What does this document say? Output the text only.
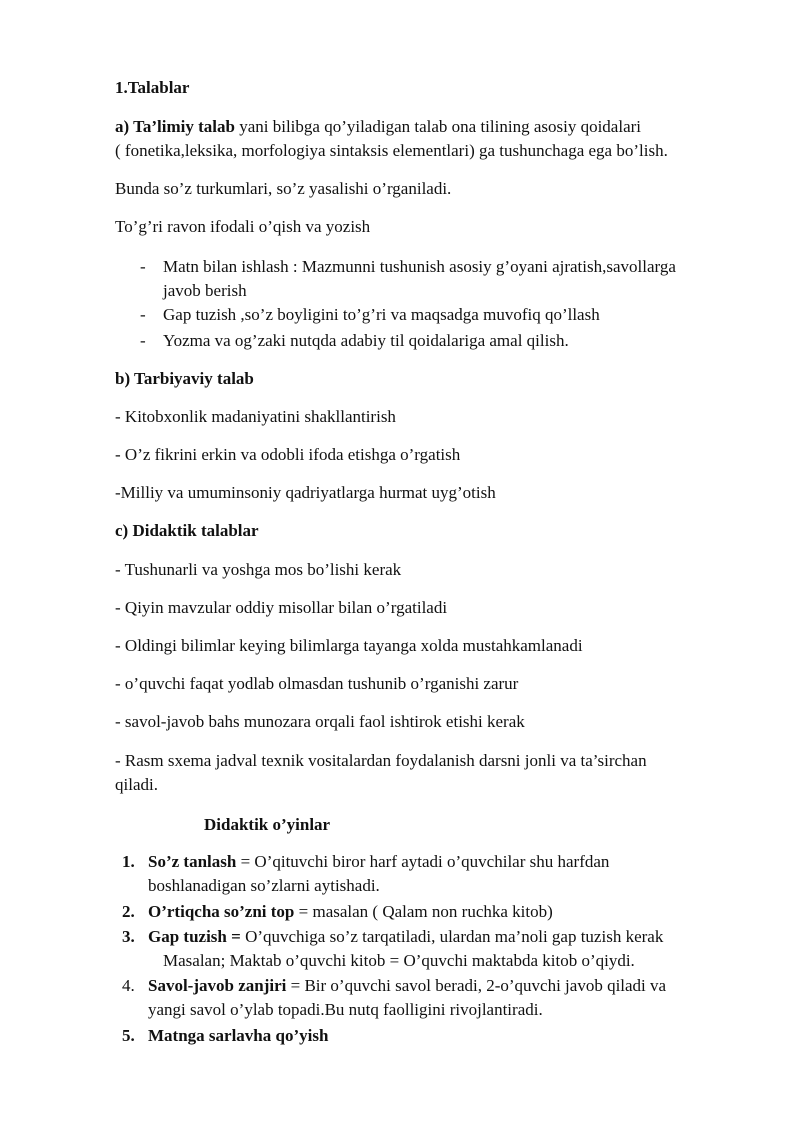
1.Talablar
a) Ta’limiy talab yani bilibga qo’yiladigan talab ona tilining asosiy qoidalari
( fonetika,leksika, morfologiya sintaksis elementlari) ga tushunchaga ega bo’lish.
Bunda so’z turkumlari, so’z yasalishi o’rganiladi.
To’g’ri ravon ifodali o’qish va yozish
- Matn bilan ishlash : Mazmunni tushunish asosiy g’oyani ajratish,savollarga
javob berish
- Gap tuzish ,so’z boyligini to’g’ri va maqsadga muvofiq qo’llash
- Yozma va og’zaki nutqda adabiy til qoidalariga amal qilish.
b) Tarbiyaviy talab
- Kitobxonlik madaniyatini shakllantirish
- O’z fikrini erkin va odobli ifoda etishga o’rgatish
-Milliy va umuminsoniy qadriyatlarga hurmat uyg’otish
c) Didaktik talablar
- Tushunarli va yoshga mos bo’lishi kerak
- Qiyin mavzular oddiy misollar bilan o’rgatiladi
- Oldingi bilimlar keying bilimlarga tayanga xolda mustahkamlanadi
- o’quvchi faqat yodlab olmasdan tushunib o’rganishi zarur
- savol-javob bahs munozara orqali faol ishtirok etishi kerak
- Rasm sxema jadval texnik vositalardan foydalanish darsni jonli va ta’sirchan
qiladi.
Didaktik o’yinlar
1. So’z tanlash = O’qituvchi biror harf aytadi o’quvchilar shu harfdan
boshlanadigan so’zlarni aytishadi.
2. O’rtiqcha so’zni top = masalan ( Qalam non ruchka kitob)
3. Gap tuzish = O’quvchiga so’z tarqatiladi, ulardan ma’noli gap tuzish kerak
Masalan; Maktab o’quvchi kitob = O’quvchi maktabda kitob o’qiydi.
4. Savol-javob zanjiri = Bir o’quvchi savol beradi, 2-o’quvchi javob qiladi va
yangi savol o’ylab topadi.Bu nutq faolligini rivojlantiradi.
5. Matnga sarlavha qo’yish
